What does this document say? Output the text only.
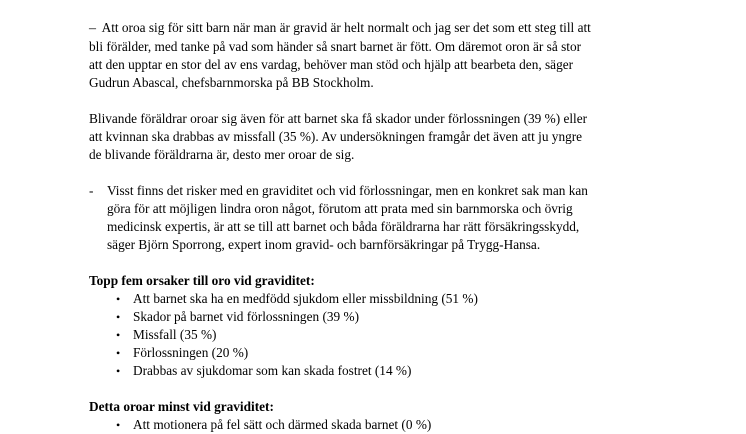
– Att oroa sig för sitt barn när man är gravid är helt normalt och jag ser det som ett steg till att
bli förälder, med tanke på vad som händer så snart barnet är fött. Om däremot oron är så stor
att den upptar en stor del av ens vardag, behöver man stöd och hjälp att bearbeta den, säger
Gudrun Abascal, chefsbarnmorska på BB Stockholm.
Blivande föräldrar oroar sig även för att barnet ska få skador under förlossningen (39 %) eller
att kvinnan ska drabbas av missfall (35 %). Av undersökningen framgår det även att ju yngre
de blivande föräldrarna är, desto mer oroar de sig.
- Visst finns det risker med en graviditet och vid förlossningar, men en konkret sak man kan
göra för att möjligen lindra oron något, förutom att prata med sin barnmorska och övrig
medicinsk expertis, är att se till att barnet och båda föräldrarna har rätt försäkringsskydd,
säger Björn Sporrong, expert inom gravid- och barnförsäkringar på Trygg-Hansa.
Topp fem orsaker till oro vid graviditet:
• Att barnet ska ha en medfödd sjukdom eller missbildning (51 %)
• Skador på barnet vid förlossningen (39 %)
• Missfall (35 %)
• Förlossningen (20 %)
• Drabbas av sjukdomar som kan skada fostret (14 %)
Detta oroar minst vid graviditet:
• Att motionera på fel sätt och därmed skada barnet (0 %)
